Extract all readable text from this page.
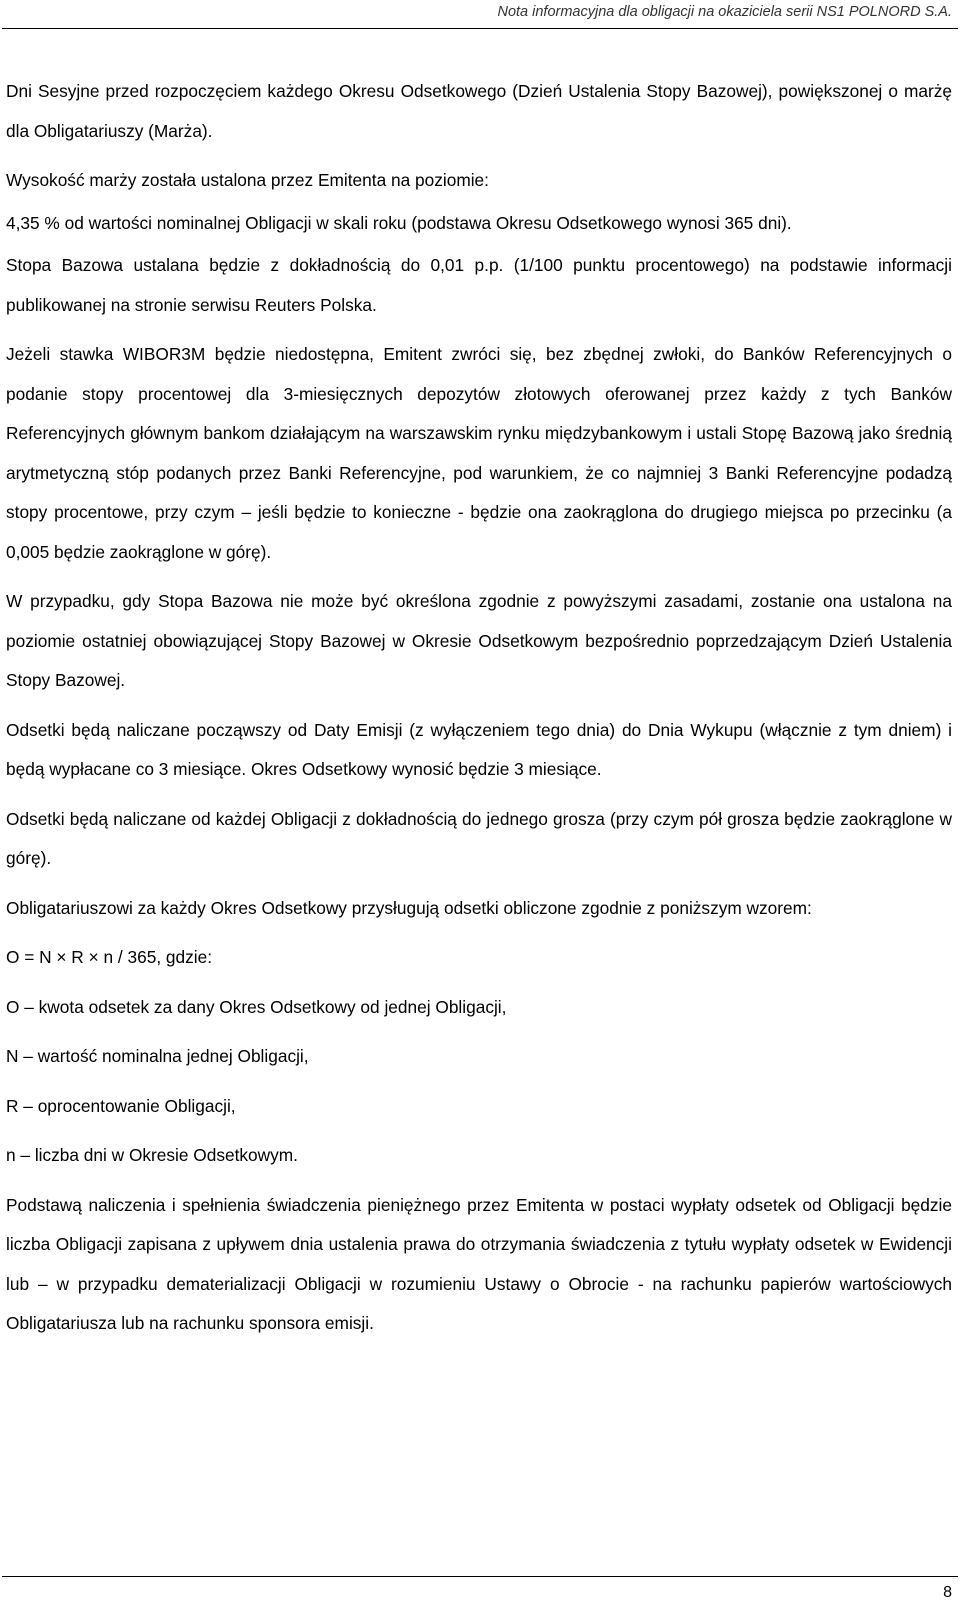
Nota informacyjna dla obligacji na okaziciela serii NS1 POLNORD S.A.

Dni Sesyjne przed rozpoczęciem każdego Okresu Odsetkowego (Dzień Ustalenia Stopy Bazowej), powiększonej o marżę dla Obligatariuszy (Marża).

Wysokość marży została ustalona przez Emitenta na poziomie:

4,35 % od wartości nominalnej Obligacji w skali roku (podstawa Okresu Odsetkowego wynosi 365 dni).

Stopa Bazowa ustalana będzie z dokładnością do 0,01 p.p. (1/100 punktu procentowego) na podstawie informacji publikowanej na stronie serwisu Reuters Polska.

Jeżeli stawka WIBOR3M będzie niedostępna, Emitent zwróci się, bez zbędnej zwłoki, do Banków Referencyjnych o podanie stopy procentowej dla 3-miesięcznych depozytów złotowych oferowanej przez każdy z tych Banków Referencyjnych głównym bankom działającym na warszawskim rynku międzybankowym i ustali Stopę Bazową jako średnią arytmetyczną stóp podanych przez Banki Referencyjne, pod warunkiem, że co najmniej 3 Banki Referencyjne podadzą stopy procentowe, przy czym – jeśli będzie to konieczne - będzie ona zaokrąglona do drugiego miejsca po przecinku (a 0,005 będzie zaokrąglone w górę).

W przypadku, gdy Stopa Bazowa nie może być określona zgodnie z powyższymi zasadami, zostanie ona ustalona na poziomie ostatniej obowiązującej Stopy Bazowej w Okresie Odsetkowym bezpośrednio poprzedzającym Dzień Ustalenia Stopy Bazowej.

Odsetki będą naliczane począwszy od Daty Emisji (z wyłączeniem tego dnia) do Dnia Wykupu (włącznie z tym dniem) i będą wypłacane co 3 miesiące. Okres Odsetkowy wynosić będzie 3 miesiące.

Odsetki będą naliczane od każdej Obligacji z dokładnością do jednego grosza (przy czym pół grosza będzie zaokrąglone w górę).

Obligatariuszowi za każdy Okres Odsetkowy przysługują odsetki obliczone zgodnie z poniższym wzorem:

O = N × R × n / 365, gdzie:

O – kwota odsetek za dany Okres Odsetkowy od jednej Obligacji,

N – wartość nominalna jednej Obligacji,

R – oprocentowanie Obligacji,

n – liczba dni w Okresie Odsetkowym.

Podstawą naliczenia i spełnienia świadczenia pieniężnego przez Emitenta w postaci wypłaty odsetek od Obligacji będzie liczba Obligacji zapisana z upływem dnia ustalenia prawa do otrzymania świadczenia z tytułu wypłaty odsetek w Ewidencji lub – w przypadku dematerializacji Obligacji w rozumieniu Ustawy o Obrocie - na rachunku papierów wartościowych Obligatariusza lub na rachunku sponsora emisji.

8
